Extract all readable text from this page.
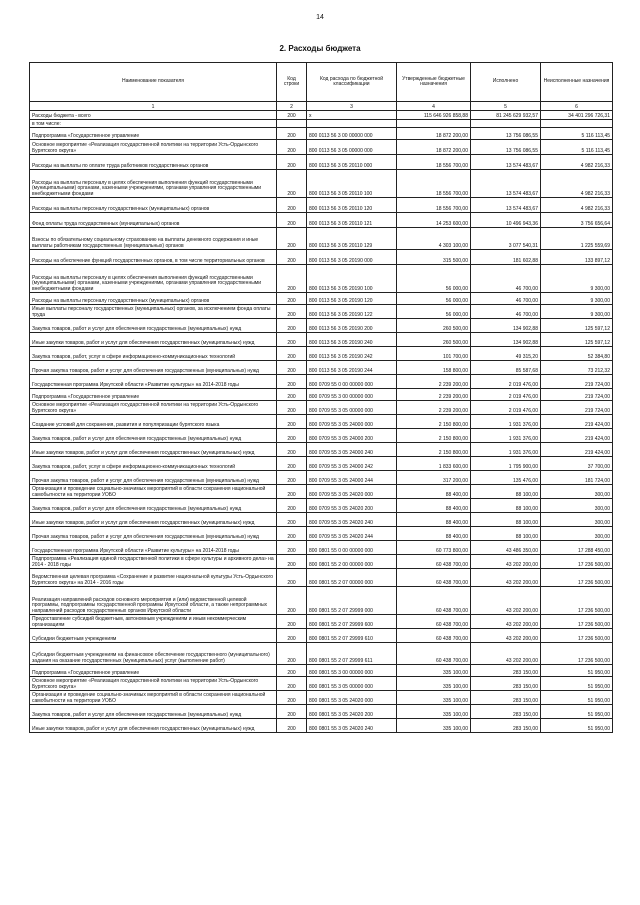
14
2. Расходы бюджета
Наименование показателя	Код строки	Код расхода по бюджетной классификации	Утвержденные бюджетные назначения	Исполнено	Неисполненные назначения
1	2	3	4	5	6
Расходы бюджета - всего	200	x	115 646 926 858,88	81 245 629 932,57	34 401 296 726,31
в том числе:					
Подпрограмма «Государственное управление	200	800 0113 56 3 00 00000 000	18 872 200,00	13 756 086,55	5 116 113,45
Основное мероприятие «Реализация государственной политики на территории Усть-Ордынского Бурятского округа»	200	800 0113 56 3 05 00000 000	18 872 200,00	13 756 086,55	5 116 113,45
Расходы на выплаты по оплате труда работников государственных органов	200	800 0113 56 3 05 20110 000	18 556 700,00	13 574 483,67	4 982 216,33
Расходы на выплаты персоналу в целях обеспечения выполнения функций государственными (муниципальными) органами, казенными учреждениями, органами управления государственными внебюджетными фондами	200	800 0113 56 3 05 20110 100	18 556 700,00	13 574 483,67	4 982 216,33
Расходы на выплаты персоналу государственных (муниципальных) органов	200	800 0113 56 3 05 20110 120	18 556 700,00	13 574 483,67	4 982 216,33
Фонд оплаты труда государственных (муниципальных) органов	200	800 0113 56 3 05 20110 121	14 253 600,00	10 496 943,36	3 756 656,64
Взносы по обязательному социальному страхованию на выплаты денежного содержания и иные выплаты работникам государственных (муниципальных) органов	200	800 0113 56 3 05 20110 129	4 303 100,00	3 077 540,31	1 225 559,69
Расходы на обеспечение функций государственных органов, в том числе территориальных органов	200	800 0113 56 3 05 20190 000	315 500,00	181 602,88	133 897,12
Расходы на выплаты персоналу в целях обеспечения выполнения функций государственными (муниципальными) органами, казенными учреждениями, органами управления государственными внебюджетными фондами	200	800 0113 56 3 05 20190 100	56 000,00	46 700,00	9 300,00
Расходы на выплаты персоналу государственных (муниципальных) органов	200	800 0113 56 3 05 20190 120	56 000,00	46 700,00	9 300,00
Иные выплаты персоналу государственных (муниципальных) органов, за исключением фонда оплаты труда	200	800 0113 56 3 05 20190 122	56 000,00	46 700,00	9 300,00
Закупка товаров, работ и услуг для обеспечения государственных (муниципальных) нужд	200	800 0113 56 3 05 20190 200	260 500,00	134 902,88	125 597,12
Иные закупки товаров, работ и услуг для обеспечения государственных (муниципальных) нужд	200	800 0113 56 3 05 20190 240	260 500,00	134 902,88	125 597,12
Закупка товаров, работ, услуг в сфере информационно-коммуникационных технологий	200	800 0113 56 3 05 20190 242	101 700,00	49 315,20	52 384,80
Прочая закупка товаров, работ и услуг для обеспечения государственных (муниципальных) нужд	200	800 0113 56 3 05 20190 244	158 800,00	85 587,68	73 212,32
Государственная программа Иркутской области «Развитие культуры» на 2014-2018 годы	200	800 0709 55 0 00 00000 000	2 239 200,00	2 019 476,00	219 724,00
Подпрограмма «Государственное управление	200	800 0709 55 3 00 00000 000	2 239 200,00	2 019 476,00	219 724,00
Основное мероприятие «Реализация государственной политики на территории Усть-Ордынского Бурятского округа»	200	800 0709 55 3 05 00000 000	2 239 200,00	2 019 476,00	219 724,00
Создание условий для сохранения, развития и популяризации бурятского языка	200	800 0709 55 3 05 24000 000	2 150 800,00	1 931 376,00	219 424,00
Закупка товаров, работ и услуг для обеспечения государственных (муниципальных) нужд	200	800 0709 55 3 05 24000 200	2 150 800,00	1 931 376,00	219 424,00
Иные закупки товаров, работ и услуг для обеспечения государственных (муниципальных) нужд	200	800 0709 55 3 05 24000 240	2 150 800,00	1 931 376,00	219 424,00
Закупка товаров, работ, услуг в сфере информационно-коммуникационных технологий	200	800 0709 55 3 05 24000 242	1 833 600,00	1 795 900,00	37 700,00
Прочая закупка товаров, работ и услуг для обеспечения государственных (муниципальных) нужд	200	800 0709 55 3 05 24000 244	317 200,00	135 476,00	181 724,00
Организация и проведение социально-значимых мероприятий в области сохранения национальной самобытности на территории УОБО	200	800 0709 55 3 05 24020 000	88 400,00	88 100,00	300,00
Закупка товаров, работ и услуг для обеспечения государственных (муниципальных) нужд	200	800 0709 55 3 05 24020 200	88 400,00	88 100,00	300,00
Иные закупки товаров, работ и услуг для обеспечения государственных (муниципальных) нужд	200	800 0709 55 3 05 24020 240	88 400,00	88 100,00	300,00
Прочая закупка товаров, работ и услуг для обеспечения государственных (муниципальных) нужд	200	800 0709 55 3 05 24020 244	88 400,00	88 100,00	300,00
Государственная программа Иркутской области «Развитие культуры» на 2014-2018 годы	200	800 0801 55 0 00 00000 000	60 773 800,00	43 486 350,00	17 288 450,00
Подпрограмма «Реализация единой государственной политики в сфере культуры и архивного дела» на 2014 - 2018 годы	200	800 0801 55 2 00 00000 000	60 438 700,00	43 202 200,00	17 236 500,00
Ведомственная целевая программа «Сохранение и развитие национальной культуры Усть-Ордынского Бурятского округа» на 2014 - 2016 годы	200	800 0801 55 2 07 00000 000	60 438 700,00	43 202 200,00	17 236 500,00
Реализация направлений расходов основного мероприятия и (или) ведомственной целевой программы, подпрограммы государственной программы Иркутской области, а также непрограммных направлений расходов государственных органов Иркутской области	200	800 0801 55 2 07 29999 000	60 438 700,00	43 202 200,00	17 236 500,00
Предоставление субсидий бюджетным, автономным учреждениям и иным некоммерческим организациям	200	800 0801 55 2 07 29999 600	60 438 700,00	43 202 200,00	17 236 500,00
Субсидии бюджетным учреждениям	200	800 0801 55 2 07 29999 610	60 438 700,00	43 202 200,00	17 236 500,00
Субсидии бюджетным учреждениям на финансовое обеспечение государственного (муниципального) задания на оказание государственных (муниципальных) услуг (выполнение работ)	200	800 0801 55 2 07 29999 611	60 438 700,00	43 202 200,00	17 236 500,00
Подпрограмма «Государственное управление	200	800 0801 55 3 00 00000 000	335 100,00	283 150,00	51 950,00
Основное мероприятие «Реализация государственной политики на территории Усть-Ордынского Бурятского округа»	200	800 0801 55 3 05 00000 000	335 100,00	283 150,00	51 950,00
Организация и проведение социально-значимых мероприятий в области сохранения национальной самобытности на территории УОБО	200	800 0801 55 3 05 24020 000	335 100,00	283 150,00	51 950,00
Закупка товаров, работ и услуг для обеспечения государственных (муниципальных) нужд	200	800 0801 55 3 05 24020 200	335 100,00	283 150,00	51 950,00
Иные закупки товаров, работ и услуг для обеспечения государственных (муниципальных) нужд	200	800 0801 55 3 05 24020 240	335 100,00	283 150,00	51 950,00
